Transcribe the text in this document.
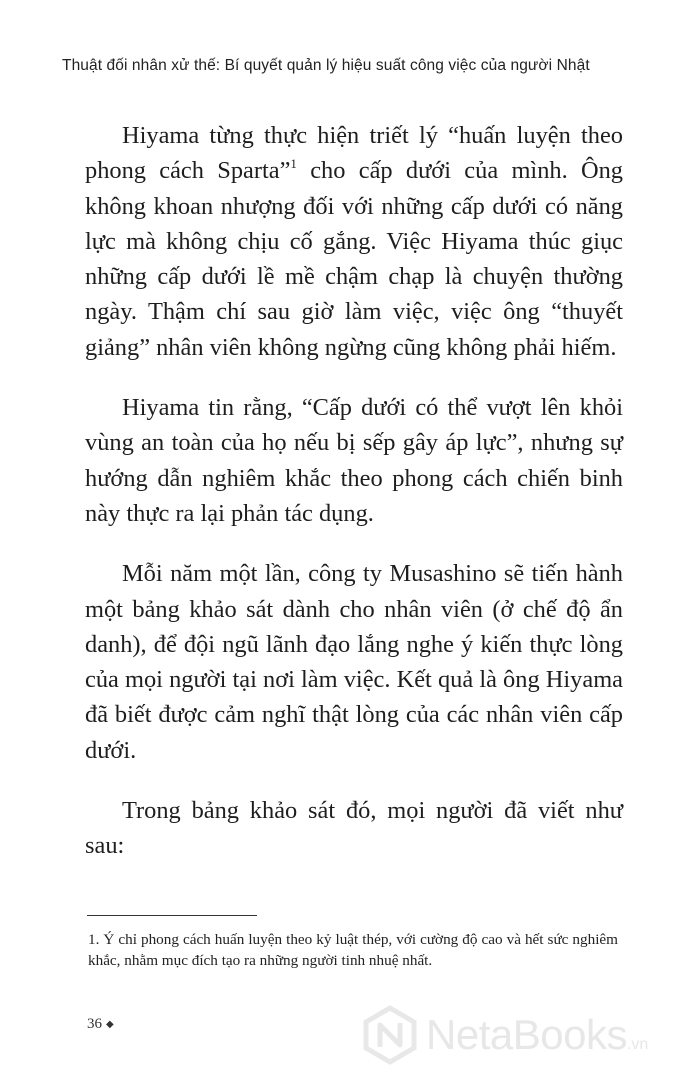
Thuật đối nhân xử thế: Bí quyết quản lý hiệu suất công việc của người Nhật

Hiyama từng thực hiện triết lý “huấn luyện theo phong cách Sparta”$^1$ cho cấp dưới của mình. Ông không khoan nhượng đối với những cấp dưới có năng lực mà không chịu cố gắng. Việc Hiyama thúc giục những cấp dưới lề mề chậm chạp là chuyện thường ngày. Thậm chí sau giờ làm việc, việc ông “thuyết giảng” nhân viên không ngừng cũng không phải hiếm.

Hiyama tin rằng, “Cấp dưới có thể vượt lên khỏi vùng an toàn của họ nếu bị sếp gây áp lực”, nhưng sự hướng dẫn nghiêm khắc theo phong cách chiến binh này thực ra lại phản tác dụng.

Mỗi năm một lần, công ty Musashino sẽ tiến hành một bảng khảo sát dành cho nhân viên (ở chế độ ẩn danh), để đội ngũ lãnh đạo lắng nghe ý kiến thực lòng của mọi người tại nơi làm việc. Kết quả là ông Hiyama đã biết được cảm nghĩ thật lòng của các nhân viên cấp dưới.

Trong bảng khảo sát đó, mọi người đã viết như sau:

1. Ý chỉ phong cách huấn luyện theo kỷ luật thép, với cường độ cao và hết sức nghiêm khắc, nhằm mục đích tạo ra những người tinh nhuệ nhất.
36 ◆	NetaBooks.vn
